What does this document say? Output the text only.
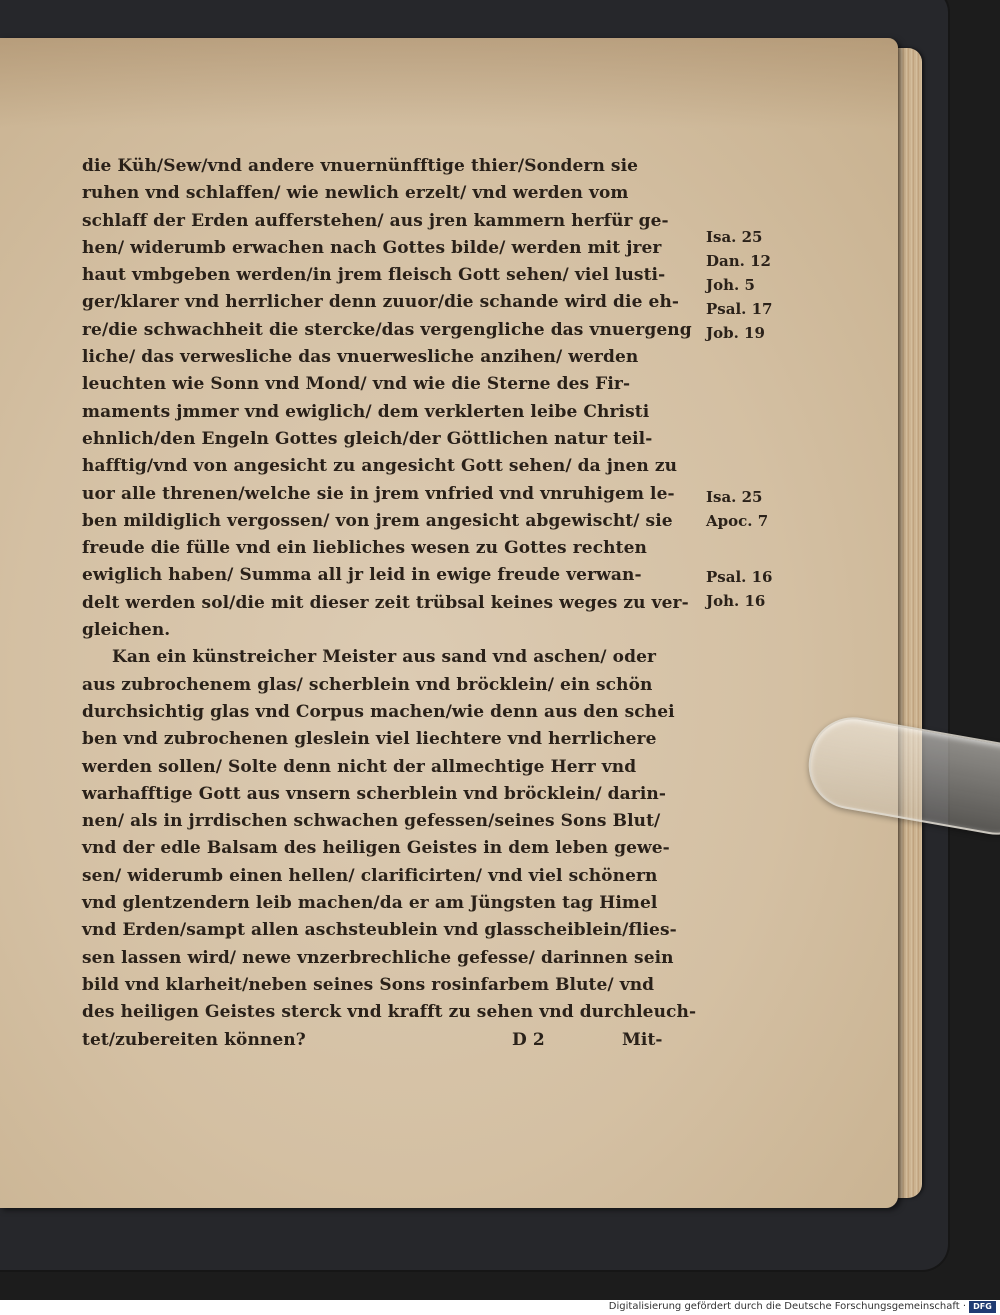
die Küh/Sew/vnd andere vnuernünfftige thier/Sondern sie
ruhen vnd schlaffen/ wie newlich erzelt/ vnd werden vom
schlaff der Erden aufferstehen/ aus jren kammern herfür ge-
hen/ widerumb erwachen nach Gottes bilde/ werden mit jrer
haut vmbgeben werden/in jrem fleisch Gott sehen/ viel lusti-
ger/klarer vnd herrlicher denn zuuor/die schande wird die eh-
re/die schwachheit die stercke/das vergengliche das vnuergeng
liche/ das verwesliche das vnuerwesliche anzihen/ werden
leuchten wie Sonn vnd Mond/ vnd wie die Sterne des Fir-
maments jmmer vnd ewiglich/ dem verklerten leibe Christi
ehnlich/den Engeln Gottes gleich/der Göttlichen natur teil-
hafftig/vnd von angesicht zu angesicht Gott sehen/ da jnen zu
uor alle threnen/welche sie in jrem vnfried vnd vnruhigem le-
ben mildiglich vergossen/ von jrem angesicht abgewischt/ sie
freude die fülle vnd ein liebliches wesen zu Gottes rechten
ewiglich haben/ Summa all jr leid in ewige freude verwan-
delt werden sol/die mit dieser zeit trübsal keines weges zu ver-
gleichen.
Kan ein künstreicher Meister aus sand vnd aschen/ oder
aus zubrochenem glas/ scherblein vnd bröcklein/ ein schön
durchsichtig glas vnd Corpus machen/wie denn aus den schei
ben vnd zubrochenen gleslein viel liechtere vnd herrlichere
werden sollen/ Solte denn nicht der allmechtige Herr vnd
warhafftige Gott aus vnsern scherblein vnd bröcklein/ darin-
nen/ als in jrrdischen schwachen gefessen/seines Sons Blut/
vnd der edle Balsam des heiligen Geistes in dem leben gewe-
sen/ widerumb einen hellen/ clarificirten/ vnd viel schönern
vnd glentzendern leib machen/da er am Jüngsten tag Himel
vnd Erden/sampt allen aschsteublein vnd glasscheiblein/flies-
sen lassen wird/ newe vnzerbrechliche gefesse/ darinnen sein
bild vnd klarheit/neben seines Sons rosinfarbem Blute/ vnd
des heiligen Geistes sterck vnd krafft zu sehen vnd durchleuch-
tet/zubereiten können?	D 2	Mit-
Isa. 25
Dan. 12
Joh. 5
Psal. 17
Job. 19
Isa. 25
Apoc. 7
Psal. 16
Joh. 16
Digitalisierung gefördert durch die Deutsche Forschungsgemeinschaft · DFG
